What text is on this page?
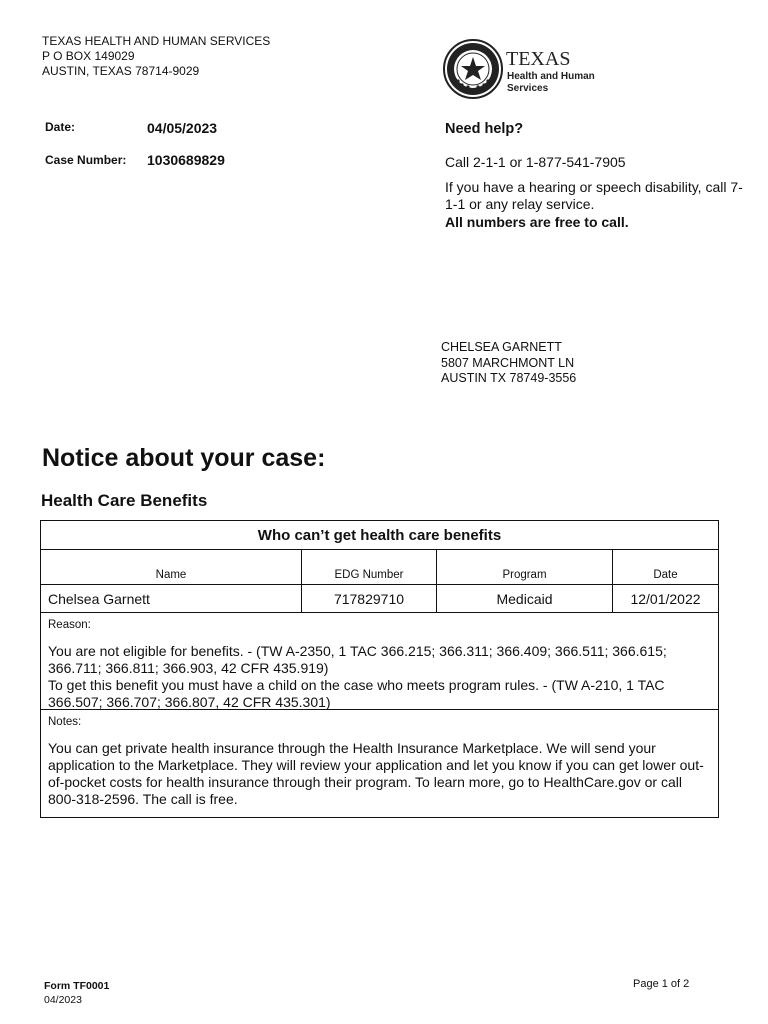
TEXAS HEALTH AND HUMAN SERVICES
P O BOX 149029
AUSTIN, TEXAS 78714-9029
TEXAS
Health and Human
Services
Date:	04/05/2023
Case Number: 1030689829
Need help?
Call 2-1-1 or 1-877-541-7905
If you have a hearing or speech disability, call 7-1-1 or any relay service.
All numbers are free to call.
CHELSEA GARNETT
5807 MARCHMONT LN
AUSTIN TX 78749-3556
Notice about your case:
Health Care Benefits
Who can’t get health care benefits
Name	EDG Number	Program	Date
Chelsea Garnett	717829710	Medicaid	12/01/2022
Reason:
You are not eligible for benefits. - (TW A-2350, 1 TAC 366.215; 366.311; 366.409; 366.511; 366.615; 366.711; 366.811; 366.903, 42 CFR 435.919)
To get this benefit you must have a child on the case who meets program rules. - (TW A-210, 1 TAC 366.507; 366.707; 366.807, 42 CFR 435.301)
Notes:
You can get private health insurance through the Health Insurance Marketplace. We will send your application to the Marketplace. They will review your application and let you know if you can get lower out-of-pocket costs for health insurance through their program. To learn more, go to HealthCare.gov or call 800-318-2596. The call is free.
Form TF0001
04/2023
Page 1 of 2
